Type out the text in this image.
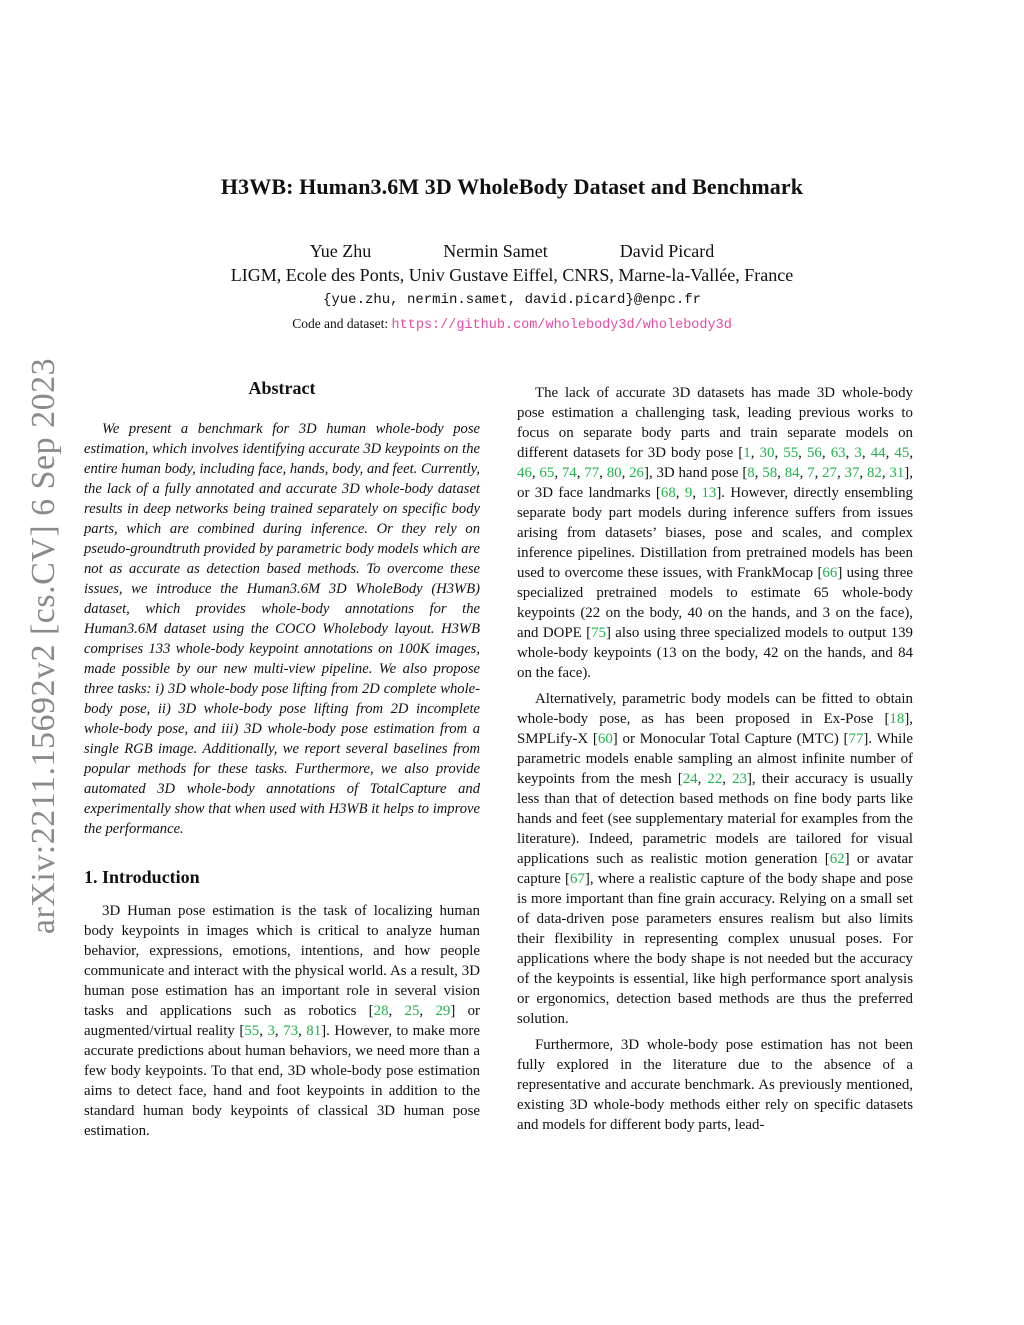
arXiv:2211.15692v2 [cs.CV] 6 Sep 2023
H3WB: Human3.6M 3D WholeBody Dataset and Benchmark
Yue Zhu	Nermin Samet	David Picard
LIGM, Ecole des Ponts, Univ Gustave Eiffel, CNRS, Marne-la-Vallée, France
{yue.zhu, nermin.samet, david.picard}@enpc.fr
Code and dataset: https://github.com/wholebody3d/wholebody3d
Abstract

We present a benchmark for 3D human whole-body pose estimation, which involves identifying accurate 3D keypoints on the entire human body, including face, hands, body, and feet. Currently, the lack of a fully annotated and accurate 3D whole-body dataset results in deep networks being trained separately on specific body parts, which are combined during inference. Or they rely on pseudo-groundtruth provided by parametric body models which are not as accurate as detection based methods. To overcome these issues, we introduce the Human3.6M 3D WholeBody (H3WB) dataset, which provides whole-body annotations for the Human3.6M dataset using the COCO Wholebody layout. H3WB comprises 133 whole-body keypoint annotations on 100K images, made possible by our new multi-view pipeline. We also propose three tasks: i) 3D whole-body pose lifting from 2D complete whole-body pose, ii) 3D whole-body pose lifting from 2D incomplete whole-body pose, and iii) 3D whole-body pose estimation from a single RGB image. Additionally, we report several baselines from popular methods for these tasks. Furthermore, we also provide automated 3D whole-body annotations of TotalCapture and experimentally show that when used with H3WB it helps to improve the performance.

1. Introduction

3D Human pose estimation is the task of localizing human body keypoints in images which is critical to analyze human behavior, expressions, emotions, intentions, and how people communicate and interact with the physical world. As a result, 3D human pose estimation has an important role in several vision tasks and applications such as robotics [28, 25, 29] or augmented/virtual reality [55, 3, 73, 81]. However, to make more accurate predictions about human behaviors, we need more than a few body keypoints. To that end, 3D whole-body pose estimation aims to detect face, hand and foot keypoints in addition to the standard human body keypoints of classical 3D human pose estimation.

The lack of accurate 3D datasets has made 3D whole-body pose estimation a challenging task, leading previous works to focus on separate body parts and train separate models on different datasets for 3D body pose [1, 30, 55, 56, 63, 3, 44, 45, 46, 65, 74, 77, 80, 26], 3D hand pose [8, 58, 84, 7, 27, 37, 82, 31], or 3D face landmarks [68, 9, 13]. However, directly ensembling separate body part models during inference suffers from issues arising from datasets’ biases, pose and scales, and complex inference pipelines. Distillation from pretrained models has been used to overcome these issues, with FrankMocap [66] using three specialized pretrained models to estimate 65 whole-body keypoints (22 on the body, 40 on the hands, and 3 on the face), and DOPE [75] also using three specialized models to output 139 whole-body keypoints (13 on the body, 42 on the hands, and 84 on the face).

Alternatively, parametric body models can be fitted to obtain whole-body pose, as has been proposed in Ex-Pose [18], SMPLify-X [60] or Monocular Total Capture (MTC) [77]. While parametric models enable sampling an almost infinite number of keypoints from the mesh [24, 22, 23], their accuracy is usually less than that of detection based methods on fine body parts like hands and feet (see supplementary material for examples from the literature). Indeed, parametric models are tailored for visual applications such as realistic motion generation [62] or avatar capture [67], where a realistic capture of the body shape and pose is more important than fine grain accuracy. Relying on a small set of data-driven pose parameters ensures realism but also limits their flexibility in representing complex unusual poses. For applications where the body shape is not needed but the accuracy of the keypoints is essential, like high performance sport analysis or ergonomics, detection based methods are thus the preferred solution.

Furthermore, 3D whole-body pose estimation has not been fully explored in the literature due to the absence of a representative and accurate benchmark. As previously mentioned, existing 3D whole-body methods either rely on specific datasets and models for different body parts, lead-
